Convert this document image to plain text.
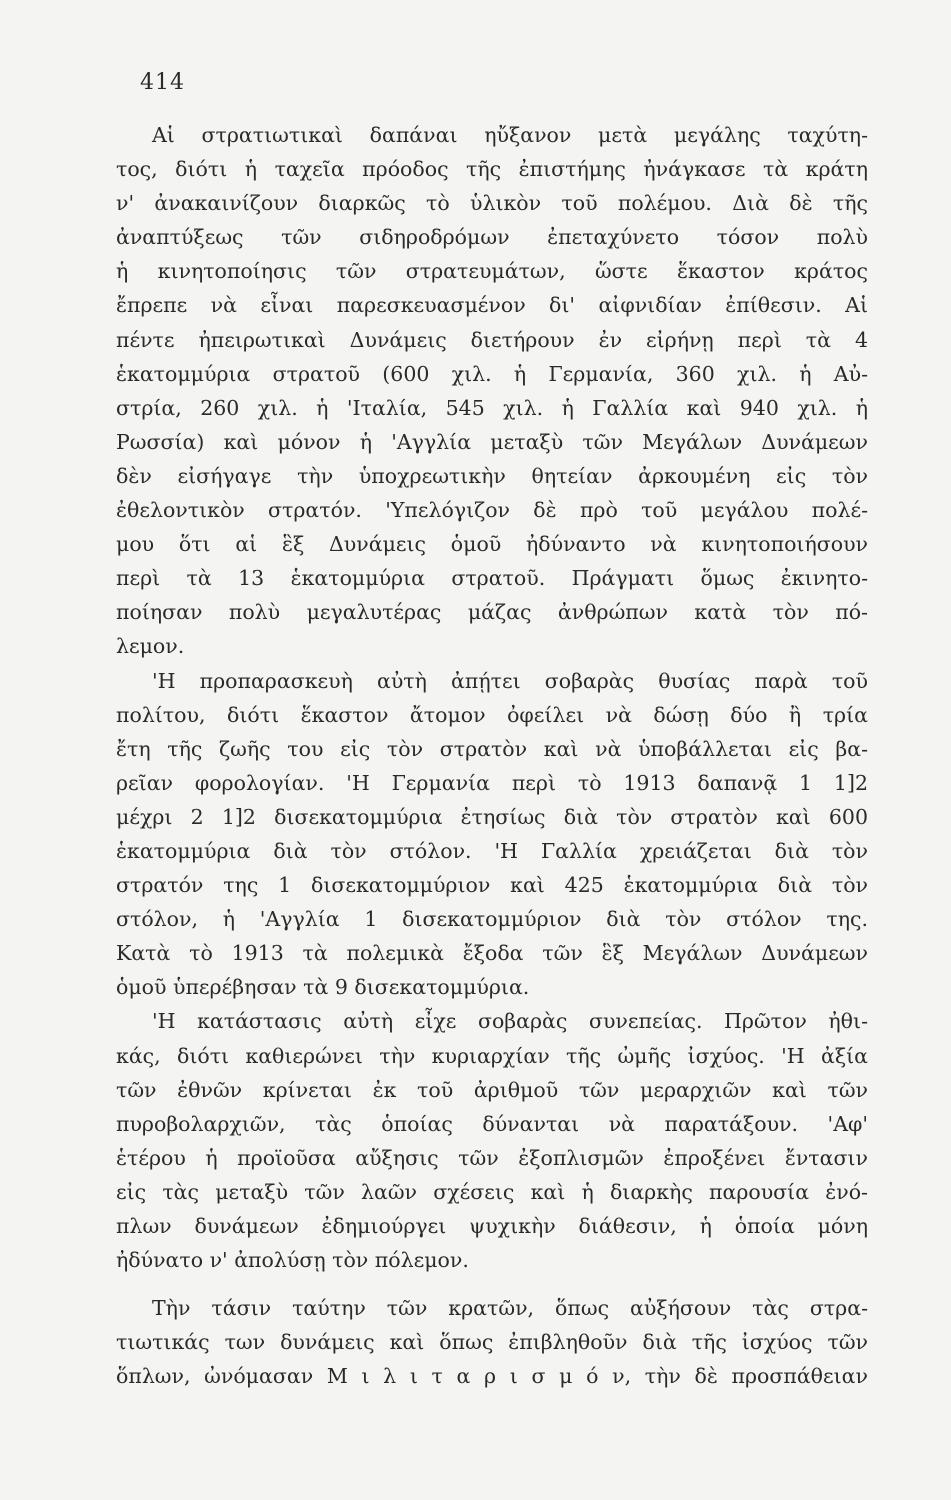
414
Αἱ στρατιωτικαὶ δαπάναι ηὔξανον μετὰ μεγάλης ταχύτη-
τος, διότι ἡ ταχεῖα πρόοδος τῆς ἐπιστήμης ἠνάγκασε τὰ κράτη
ν' ἀνακαινίζουν διαρκῶς τὸ ὑλικὸν τοῦ πολέμου. Διὰ δὲ τῆς
ἀναπτύξεως τῶν σιδηροδρόμων ἐπεταχύνετο τόσον πολὺ
ἡ κινητοποίησις τῶν στρατευμάτων, ὥστε ἕκαστον κράτος
ἔπρεπε νὰ εἶναι παρεσκευασμένον δι' αἰφνιδίαν ἐπίθεσιν. Αἱ
πέντε ἠπειρωτικαὶ Δυνάμεις διετήρουν ἐν εἰρήνῃ περὶ τὰ 4
ἑκατομμύρια στρατοῦ (600 χιλ. ἡ Γερμανία, 360 χιλ. ἡ Αὐ-
στρία, 260 χιλ. ἡ 'Ιταλία, 545 χιλ. ἡ Γαλλία καὶ 940 χιλ. ἡ
Ρωσσία) καὶ μόνον ἡ 'Αγγλία μεταξὺ τῶν Μεγάλων Δυνάμεων
δὲν εἰσήγαγε τὴν ὑποχρεωτικὴν θητείαν ἀρκουμένη εἰς τὸν
ἐθελοντικὸν στρατόν. 'Υπελόγιζον δὲ πρὸ τοῦ μεγάλου πολέ-
μου ὅτι αἱ ἓξ Δυνάμεις ὁμοῦ ἠδύναντο νὰ κινητοποιήσουν
περὶ τὰ 13 ἑκατομμύρια στρατοῦ. Πράγματι ὅμως ἐκινητο-
ποίησαν πολὺ μεγαλυτέρας μάζας ἀνθρώπων κατὰ τὸν πό-
λεμον.
'Η προπαρασκευὴ αὐτὴ ἀπῄτει σοβαρὰς θυσίας παρὰ τοῦ
πολίτου, διότι ἕκαστον ἄτομον ὀφείλει νὰ δώσῃ δύο ἢ τρία
ἔτη τῆς ζωῆς του εἰς τὸν στρατὸν καὶ νὰ ὑποβάλλεται εἰς βα-
ρεῖαν φορολογίαν. 'Η Γερμανία περὶ τὸ 1913 δαπανᾷ 1 1]2
μέχρι 2 1]2 δισεκατομμύρια ἐτησίως διὰ τὸν στρατὸν καὶ 600
ἑκατομμύρια διὰ τὸν στόλον. 'Η Γαλλία χρειάζεται διὰ τὸν
στρατόν της 1 δισεκατομμύριον καὶ 425 ἑκατομμύρια διὰ τὸν
στόλον, ἡ 'Αγγλία 1 δισεκατομμύριον διὰ τὸν στόλον της.
Κατὰ τὸ 1913 τὰ πολεμικὰ ἔξοδα τῶν ἓξ Μεγάλων Δυνάμεων
ὁμοῦ ὑπερέβησαν τὰ 9 δισεκατομμύρια.
'Η κατάστασις αὐτὴ εἶχε σοβαρὰς συνεπείας. Πρῶτον ἠθι-
κάς, διότι καθιερώνει τὴν κυριαρχίαν τῆς ὠμῆς ἰσχύος. 'Η ἀξία
τῶν ἐθνῶν κρίνεται ἐκ τοῦ ἀριθμοῦ τῶν μεραρχιῶν καὶ τῶν
πυροβολαρχιῶν, τὰς ὁποίας δύνανται νὰ παρατάξουν. 'Αφ'
ἑτέρου ἡ προϊοῦσα αὔξησις τῶν ἐξοπλισμῶν ἐπροξένει ἔντασιν
εἰς τὰς μεταξὺ τῶν λαῶν σχέσεις καὶ ἡ διαρκὴς παρουσία ἐνό-
πλων δυνάμεων ἐδημιούργει ψυχικὴν διάθεσιν, ἡ ὁποία μόνη
ἠδύνατο ν' ἀπολύσῃ τὸν πόλεμον.
Τὴν τάσιν ταύτην τῶν κρατῶν, ὅπως αὐξήσουν τὰς στρα-
τιωτικάς των δυνάμεις καὶ ὅπως ἐπιβληθοῦν διὰ τῆς ἰσχύος τῶν
ὅπλων, ὠνόμασαν Μ ι λ ι τ α ρ ι σ μ ό ν, τὴν δὲ προσπάθειαν
